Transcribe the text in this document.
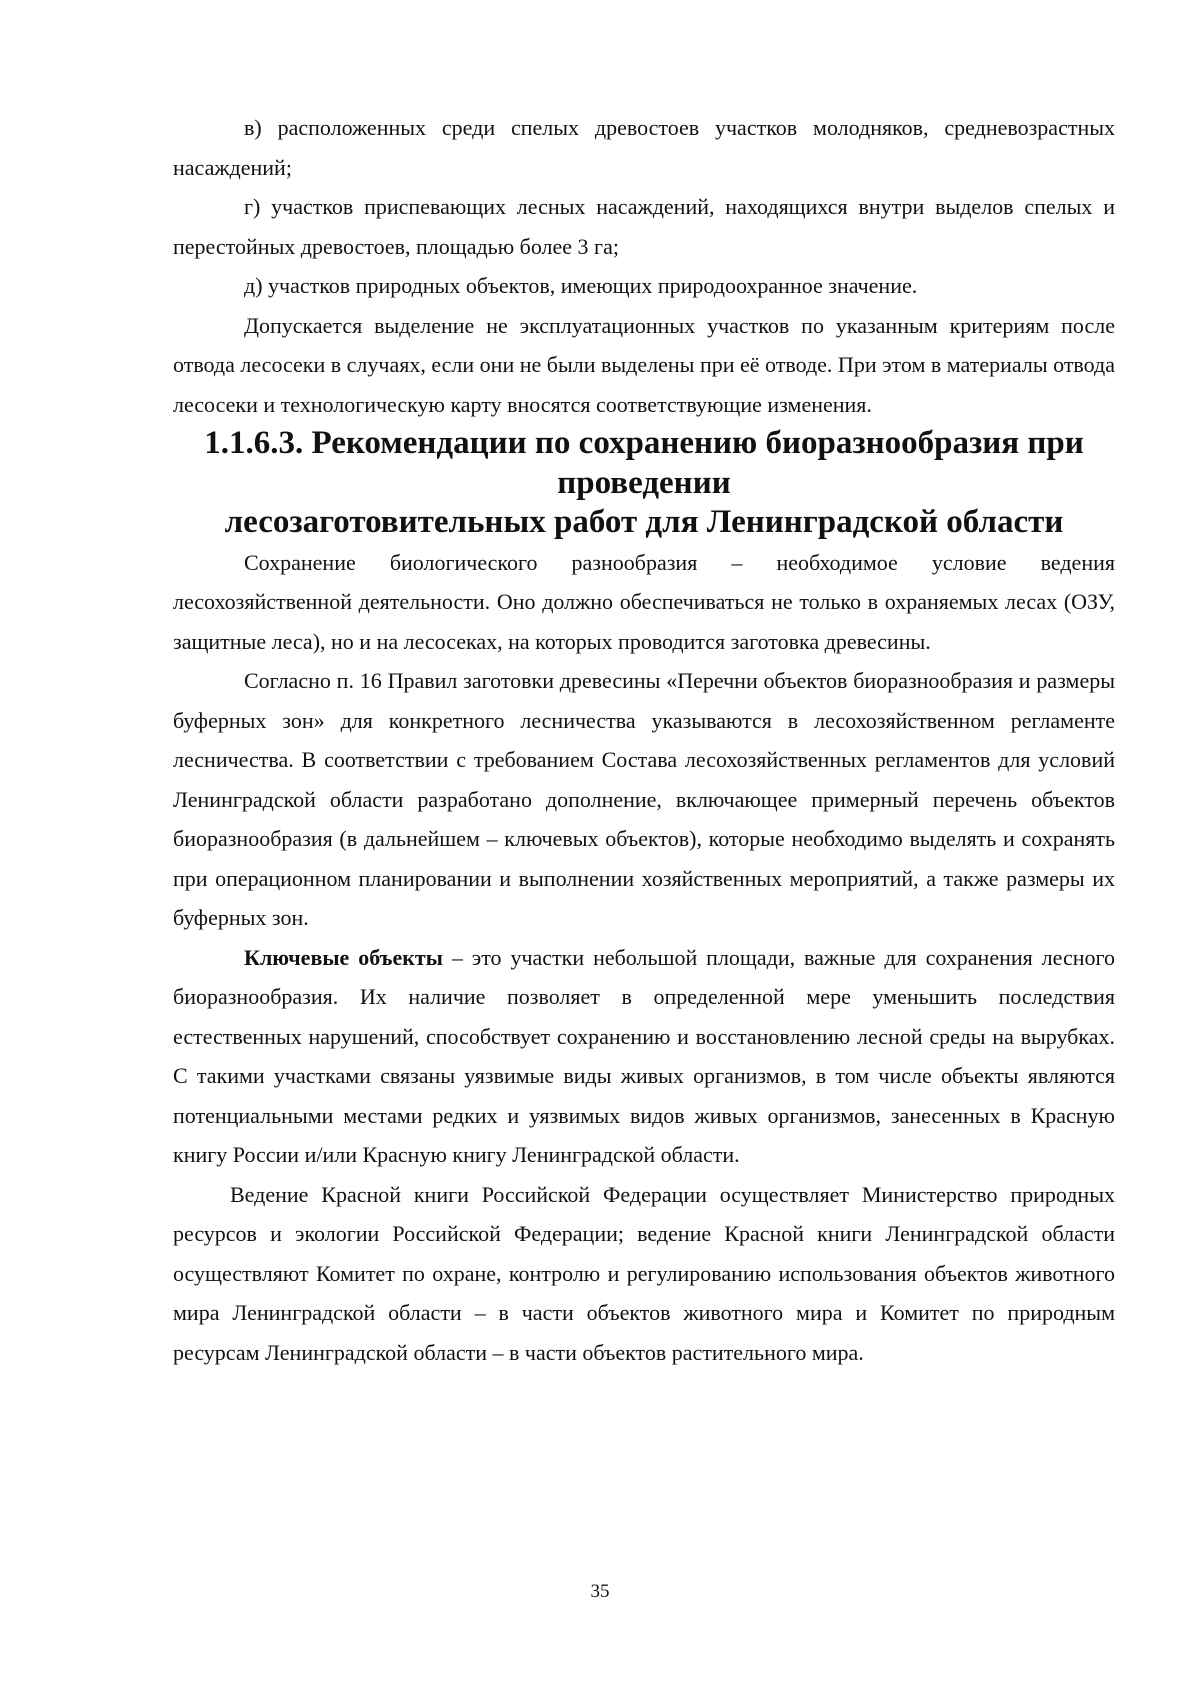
в) расположенных среди спелых древостоев участков молодняков, средневозрастных насаждений;

г) участков приспевающих лесных насаждений, находящихся внутри выделов спелых и перестойных древостоев, площадью более 3 га;

д) участков природных объектов, имеющих природоохранное значение.

Допускается выделение не эксплуатационных участков по указанным критериям после отвода лесосеки в случаях, если они не были выделены при её отводе. При этом в материалы отвода лесосеки и технологическую карту вносятся соответствующие изменения.

1.1.6.3. Рекомендации по сохранению биоразнообразия при проведении
лесозаготовительных работ для Ленинградской области

Сохранение биологического разнообразия – необходимое условие ведения лесохозяйственной деятельности. Оно должно обеспечиваться не только в охраняемых лесах (ОЗУ, защитные леса), но и на лесосеках, на которых проводится заготовка древесины.

Согласно п. 16 Правил заготовки древесины «Перечни объектов биоразнообразия и размеры буферных зон» для конкретного лесничества указываются в лесохозяйственном регламенте лесничества. В соответствии с требованием Состава лесохозяйственных регламентов для условий Ленинградской области разработано дополнение, включающее примерный перечень объектов биоразнообразия (в дальнейшем – ключевых объектов), которые необходимо выделять и сохранять при операционном планировании и выполнении хозяйственных мероприятий, а также размеры их буферных зон.

Ключевые объекты – это участки небольшой площади, важные для сохранения лесного биоразнообразия. Их наличие позволяет в определенной мере уменьшить последствия естественных нарушений, способствует сохранению и восстановлению лесной среды на вырубках. С такими участками связаны уязвимые виды живых организмов, в том числе объекты являются потенциальными местами редких и уязвимых видов живых организмов, занесенных в Красную книгу России и/или Красную книгу Ленинградской области.

Ведение Красной книги Российской Федерации осуществляет Министерство природных ресурсов и экологии Российской Федерации; ведение Красной книги Ленинградской области осуществляют Комитет по охране, контролю и регулированию использования объектов животного мира Ленинградской области – в части объектов животного мира и Комитет по природным ресурсам Ленинградской области – в части объектов растительного мира.

35
